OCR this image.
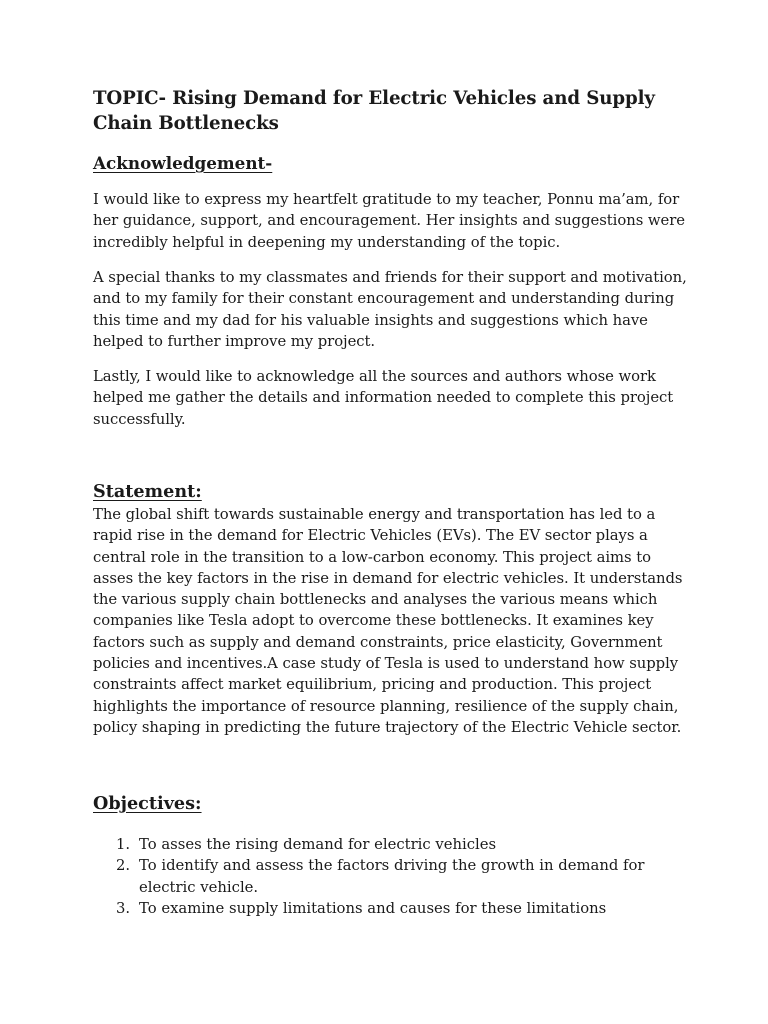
TOPIC- Rising Demand for Electric Vehicles and Supply Chain Bottlenecks
Acknowledgement-

I would like to express my heartfelt gratitude to my teacher, Ponnu ma’am, for her guidance, support, and encouragement. Her insights and suggestions were incredibly helpful in deepening my understanding of the topic.

A special thanks to my classmates and friends for their support and motivation, and to my family for their constant encouragement and understanding during this time and my dad for his valuable insights and suggestions which have helped to further improve my project.

Lastly, I would like to acknowledge all the sources and authors whose work helped me gather the details and information needed to complete this project successfully.

Statement:

The global shift towards sustainable energy and transportation has led to a rapid rise in the demand for Electric Vehicles (EVs). The EV sector plays a central role in the transition to a low-carbon economy. This project aims to asses the key factors in the rise in demand for electric vehicles. It understands the various supply chain bottlenecks and analyses the various means which companies like Tesla adopt to overcome these bottlenecks. It examines key factors such as supply and demand constraints, price elasticity, Government policies and incentives.A case study of Tesla is used to understand how supply constraints affect market equilibrium, pricing and production. This project highlights the importance of resource planning, resilience of the supply chain, policy shaping in predicting the future trajectory of the Electric Vehicle sector.

Objectives:
1. To asses the rising demand for electric vehicles
2. To identify and assess the factors driving the growth in demand for electric vehicle.
3. To examine supply limitations and causes for these limitations
